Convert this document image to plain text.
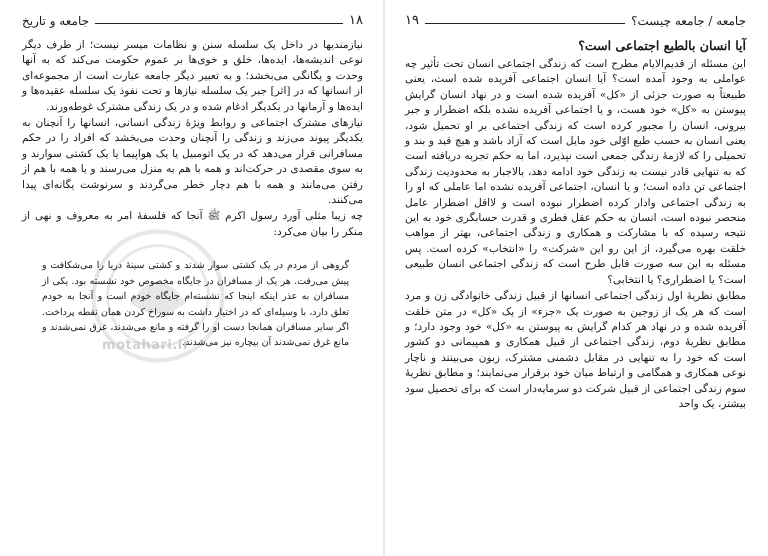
۱۸
جامعه و تاریخ

نیازمندیها در داخل یک سلسله سنن و نظامات میسر نیست؛ از طرف دیگر نوعی اندیشه‌ها، ایده‌ها، خلق و خوی‌ها بر عموم حکومت می‌کند که به آنها وحدت و یگانگی می‌بخشد؛ و به تعبیر دیگر جامعه عبارت است از مجموعه‌ای از انسانها که در [اثر] جبر یک سلسله نیازها و تحت نفوذ یک سلسله عقیده‌ها و ایده‌ها و آرمانها در یکدیگر ادغام شده و در یک زندگی مشترک غوطه‌ورند.

نیازهای مشترک اجتماعی و روابط ویژهٔ زندگی انسانی، انسانها را آنچنان به یکدیگر پیوند می‌زند و زندگی را آنچنان وحدت می‌بخشد که افراد را در حکم مسافرانی قرار می‌دهد که در یک اتومبیل یا یک هواپیما یا یک کشتی سوارند و به سوی مقصدی در حرکت‌اند و همه با هم به منزل می‌رسند و یا همه با هم از رفتن می‌مانند و همه با هم دچار خطر می‌گردند و سرنوشت یگانه‌ای پیدا می‌کنند.

چه زیبا مثلی آورد رسول اکرم ﷺ آنجا که فلسفهٔ امر به معروف و نهی از منکر را بیان می‌کرد:

گروهی از مردم در یک کشتی سوار شدند و کشتی سینهٔ دریا را می‌شکافت و پیش می‌رفت. هر یک از مسافران در جایگاه مخصوص خود نشسته بود. یکی از مسافران به عذر اینکه اینجا که نشسته‌ام جایگاه خودم است و آنجا به خودم تعلق دارد، با وسیله‌ای که در اختیار داشت به سوراخ کردن همان نقطه پرداخت. اگر سایر مسافران همانجا دست او را گرفته و مانع می‌شدند، غرق نمی‌شدند و مانع غرق نمی‌شدند آن بیچاره نیز می‌شدند.

motahari.ir
جامعه / جامعه چیست؟
۱۹
آیا انسان بالطبع اجتماعی است؟

این مسئله از قدیم‌الایام مطرح است که زندگی اجتماعی انسان تحت تأثیر چه عواملی به وجود آمده است؟ آیا انسان اجتماعی آفریده شده است، یعنی طبیعتاً به صورت جزئی از «کل» آفریده شده است و در نهاد انسان گرایش پیوستن به «کل» خود هست، و یا اجتماعی آفریده نشده بلکه اضطرار و جبر بیرونی، انسان را مجبور کرده است که زندگی اجتماعی بر او تحمیل شود، یعنی انسان به حسب طبع اوّلی خود مایل است که آزاد باشد و هیچ قید و بند و تحمیلی را که لازمهٔ زندگی جمعی است نپذیرد، اما به حکم تجربه دریافته است که به تنهایی قادر نیست به زندگی خود ادامه دهد، بالاجبار به محدودیت زندگی اجتماعی تن داده است؛ و یا انسان، اجتماعی آفریده نشده اما عاملی که او را به زندگی اجتماعی وادار کرده اضطرار نبوده است و لااقل اضطرار عامل منحصر نبوده است، انسان به حکم عقل فطری و قدرت حسابگری خود به این نتیجه رسیده که با مشارکت و همکاری و زندگی اجتماعی، بهتر از مواهب خلقت بهره می‌گیرد، از این رو این «شرکت» را «انتخاب» کرده است. پس مسئله به این سه صورت قابل طرح است که زندگی اجتماعی انسان طبیعی است؟ یا اضطراری؟ یا انتخابی؟

مطابق نظریهٔ اول زندگی اجتماعی انسانها از قبیل زندگی خانوادگی زن و مرد است که هر یک از زوجین به صورت یک «جزء» از یک «کل» در متن خلقت آفریده شده و در نهاد هر کدام گرایش به پیوستن به «کل» خود وجود دارد؛ و مطابق نظریهٔ دوم، زندگی اجتماعی از قبیل همکاری و همپیمانی دو کشور است که خود را به تنهایی در مقابل دشمنی مشترک، زبون می‌بینند و ناچار نوعی همکاری و همگامی و ارتباط میان خود برقرار می‌نمایند؛ و مطابق نظریهٔ سوم زندگی اجتماعی از قبیل شرکت دو سرمایه‌دار است که برای تحصیل سود بیشتر، یک واحد
